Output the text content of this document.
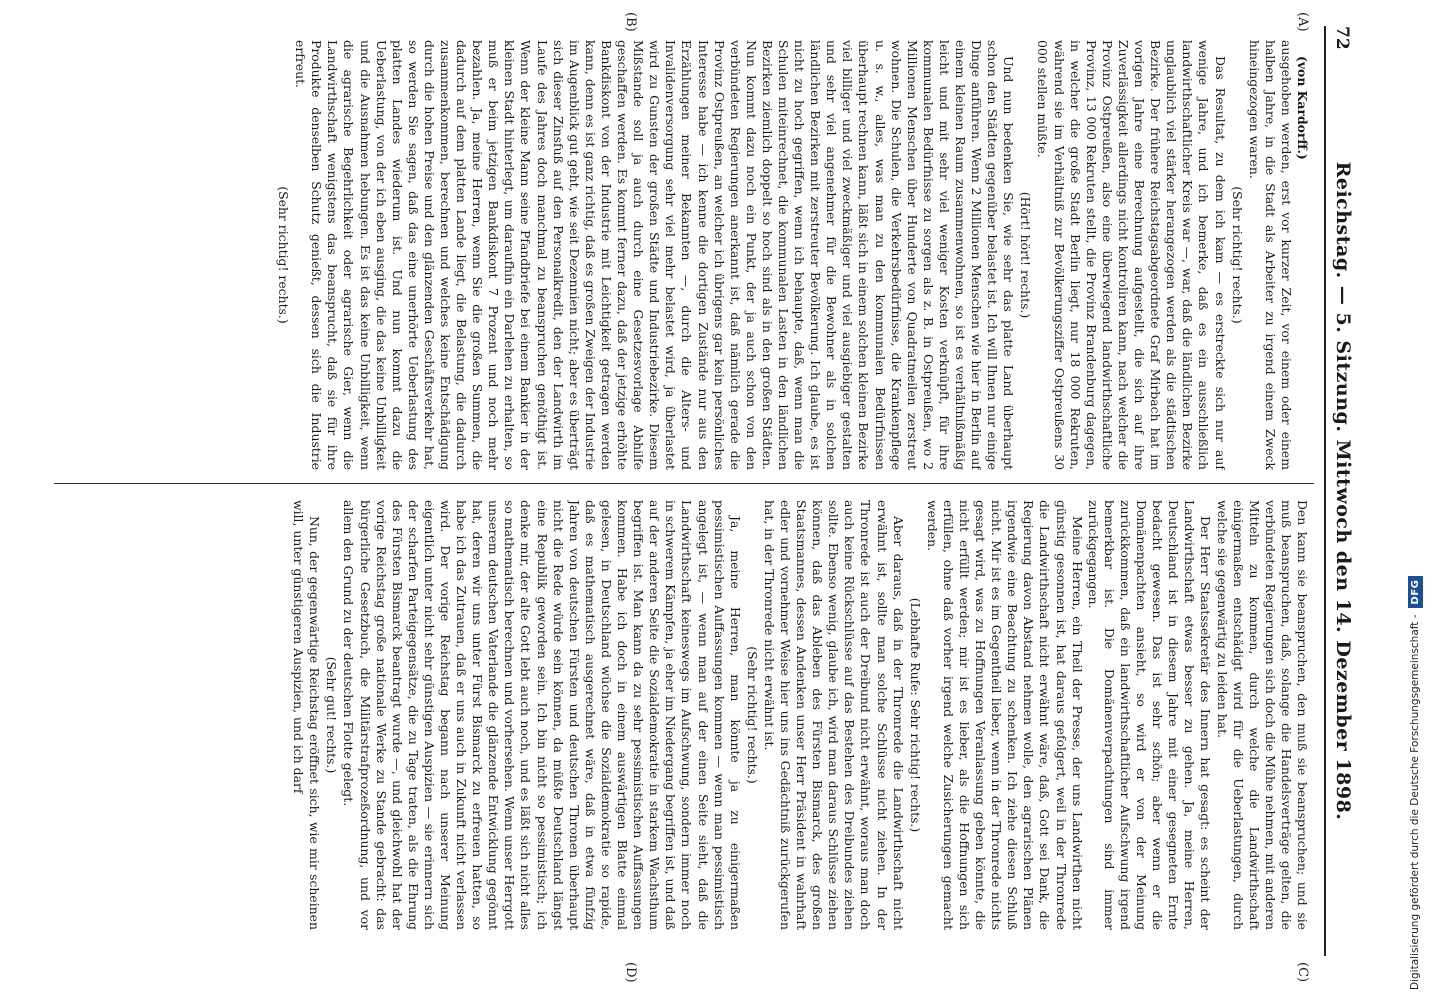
72
Reichstag. — 5. Sitzung. Mittwoch den 14. Dezember 1898.
(A)
(B)
(C)
(D)

(von Kardorff.)

ausgehoben werden, erst vor kurzer Zeit, vor einem oder einem halben Jahre, in die Stadt als Arbeiter zu irgend einem Zweck hineingezogen waren.

(Sehr richtig! rechts.)

Das Resultat, zu dem ich kam — es erstreckte sich nur auf wenige Jahre, und ich bemerke, daß es ein ausschließlich landwirthschaftlicher Kreis war —, war, daß die ländlichen Bezirke unglaublich viel stärker herangezogen werden als die städtischen Bezirke. Der frühere Reichstagsabgeordnete Graf Mirbach hat im vorigen Jahre eine Berechnung aufgestellt, die sich auf ihre Zuverlässigkeit allerdings nicht kontroliren kann, nach welcher die Provinz Ostpreußen, also eine überwiegend landwirthschaftliche Provinz, 13 000 Rekruten stellt, die Provinz Brandenburg dagegen, in welcher die große Stadt Berlin liegt, nur 18 000 Rekruten, während sie im Verhältniß zur Bevölkerungsziffer Ostpreußens 30 000 stellen müßte.

(Hört! hört! rechts.)

Und nun bedenken Sie, wie sehr das platte Land überhaupt schon den Städten gegenüber belastet ist. Ich will Ihnen nur einige Dinge anführen. Wenn 2 Millionen Menschen wie hier in Berlin auf einem kleinen Raum zusammenwohnen, so ist es verhältnißmäßig leicht und mit sehr viel weniger Kosten verknüpft, für ihre kommunalen Bedürfnisse zu sorgen als z. B. in Ostpreußen, wo 2 Millionen Menschen über Hunderte von Quadratmeilen zerstreut wohnen. Die Schulen, die Verkehrsbedürfnisse, die Krankenpflege u. s. w., alles, was man zu den kommunalen Bedürfnissen überhaupt rechnen kann, läßt sich in einem solchen kleinen Bezirke viel billiger und viel zweckmäßiger und viel ausgiebiger gestalten und sehr viel angenehmer für die Bewohner als in solchen ländlichen Bezirken mit zerstreuter Bevölkerung. Ich glaube, es ist nicht zu hoch gegriffen, wenn ich behaupte, daß, wenn man die Schulen miteinrechnet, die kommunalen Lasten in den ländlichen Bezirken ziemlich doppelt so hoch sind als in den großen Städten. Nun kommt dazu noch ein Punkt, der ja auch schon von den verbündeten Regierungen anerkannt ist, daß nämlich gerade die Provinz Ostpreußen, an welcher ich übrigens gar kein persönliches Interesse habe — ich kenne die dortigen Zustände nur aus den Erzählungen meiner Bekannten —, durch die Alters- und Invalidenversorgung sehr viel mehr belastet wird, ja überlastet wird zu Gunsten der großen Städte und Industriebezirke. Diesem Mißstande soll ja auch durch eine Gesetzesvorlage Abhilfe geschaffen werden. Es kommt ferner dazu, daß der jetzige erhöhte Bankdiskont von der Industrie mit Leichtigkeit getragen werden kann, denn es ist ganz richtig, daß es großen Zweigen der Industrie im Augenblick gut geht, wie seit Dezennien nicht; aber es überträgt sich dieser Zinsfuß auf den Personalkredit, den der Landwirth im Laufe des Jahres doch manchmal zu beanspruchen genöthigt ist. Wenn der kleine Mann seine Pfandbriefe bei einem Bankier in der kleinen Stadt hinterlegt, um daraufhin ein Darlehen zu erhalten, so muß er beim jetzigen Bankdiskont 7 Prozent und noch mehr bezahlen. Ja, meine Herren, wenn Sie die großen Summen, die dadurch auf dem platten Lande liegt, die Belastung, die dadurch zusammenkommen, berechnen und welches keine Entschädigung durch die hohen Preise und den glänzenden Geschäftsverkehr hat, so werden Sie sagen, daß das eine unerhörte Ueberlastung des platten Landes wiederum ist. Und nun kommt dazu die Ueberlastung, von der ich eben ausging, die das keine Unbilligkeit und die Ausnahmen hebungen. Es ist das keine Unbilligkeit, wenn die agrarische Begehrlichkeit oder agrarische Gier, wenn die Landwirthschaft wenigstens das beansprucht, daß sie für ihre Produkte denselben Schutz genießt, dessen sich die Industrie erfreut.

(Sehr richtig! rechts.)

Den kann sie beanspruchen, den muß sie beanspruchen; und sie muß beanspruchen, daß, solange die Handelsverträge gelten, die verbündeten Regierungen sich doch die Mühe nehmen, mit anderen Mitteln zu kommen, durch welche die Landwirthschaft einigermaßen entschädigt wird für die Ueberlastungen, durch welche sie gegenwärtig zu leiden hat.

Der Herr Staatssekretär des Innern hat gesagt: es scheint der Landwirthschaft etwas besser zu gehen. Ja, meine Herren, Deutschland ist in diesem Jahre mit einer gesegneten Ernte bedacht gewesen. Das ist sehr schön; aber wenn er die Domänenpachten ansieht, so wird er von der Meinung zurückkommen, daß ein landwirthschaftlicher Aufschwung irgend bemerkbar ist. Die Domänenverpachtungen sind immer zurückgegangen.

Meine Herren, ein Theil der Presse, der uns Landwirthen nicht günstig gesonnen ist, hat daraus gefolgert, weil in der Thronrede die Landwirthschaft nicht erwähnt wäre, daß, Gott sei Dank, die Regierung davon Abstand nehmen wolle, den agrarischen Plänen irgendwie eine Beachtung zu schenken. Ich ziehe diesen Schluß nicht. Mir ist es im Gegentheil lieber, wenn in der Thronrede nichts gesagt wird, was zu Hoffnungen Veranlassung geben könnte, die nicht erfüllt werden; mir ist es lieber, als die Hoffnungen sich erfüllen, ohne daß vorher irgend welche Zusicherungen gemacht werden.

(Lebhafte Rufe: Sehr richtig! rechts.)

Aber daraus, daß in der Thronrede die Landwirthschaft nicht erwähnt ist, sollte man solche Schlüsse nicht ziehen. In der Thronrede ist auch der Dreibund nicht erwähnt, woraus man doch auch keine Rückschlüsse auf das Bestehen des Dreibundes ziehen sollte. Ebenso wenig, glaube ich, wird man daraus Schlüsse ziehen können, daß das Ableben des Fürsten Bismarck, des großen Staatsmannes, dessen Andenken unser Herr Präsident in wahrhaft edler und vornehmer Weise hier uns ins Gedächtniß zurückgerufen hat, in der Thronrede nicht erwähnt ist.

(Sehr richtig! rechts.)

Ja, meine Herren, man könnte ja zu einigermaßen pessimistischen Auffassungen kommen — wenn man pessimistisch angelegt ist, — wenn man auf der einen Seite sieht, daß die Landwirthschaft keineswegs im Aufschwung, sondern immer noch in schwerem Kämpfen, ja eher im Niedergang begriffen ist, und daß auf der anderen Seite die Sozialdemokratie in starkem Wachsthum begriffen ist. Man kann da zu sehr pessimistischen Auffassungen kommen. Habe ich doch in einem auswärtigen Blatte einmal gelesen, in Deutschland wüchse die Sozialdemokratie so rapide, daß es mathematisch ausgerechnet wäre, daß in etwa fünfzig Jahren von deutschen Fürsten und deutschen Thronen überhaupt nicht die Rede würde sein können, da müßte Deutschland längst eine Republik geworden sein. Ich bin nicht so pessimistisch; ich denke mir, der alte Gott lebt auch noch, und es läßt sich nicht alles so mathematisch berechnen und vorhersehen. Wenn unser Herrgott unserem deutschen Vaterlande die glänzende Entwicklung gegönnt hat, deren wir uns unter Fürst Bismarck zu erfreuen hatten, so habe ich das Zutrauen, daß er uns auch in Zukunft nicht verlassen wird. Der vorige Reichstag begann nach unserer Meinung eigentlich unter nicht sehr günstigen Auspizien — sie erinnern sich der scharfen Parteigegensätze, die zu Tage traten, als die Ehrung des Fürsten Bismarck beantragt wurde —, und gleichwohl hat der vorige Reichstag große nationale Werke zu Stande gebracht: das bürgerliche Gesetzbuch, die Militärstrafprozeßordnung, und vor allem den Grund zu der deutschen Flotte gelegt.

(Sehr gut! rechts.)

Nun, der gegenwärtige Reichstag eröffnet sich, wie mir scheinen will, unter günstigeren Auspizien, und ich darf	Digitalisierung gefördert durch die Deutsche Forschungsgemeinschaft -
DFG
